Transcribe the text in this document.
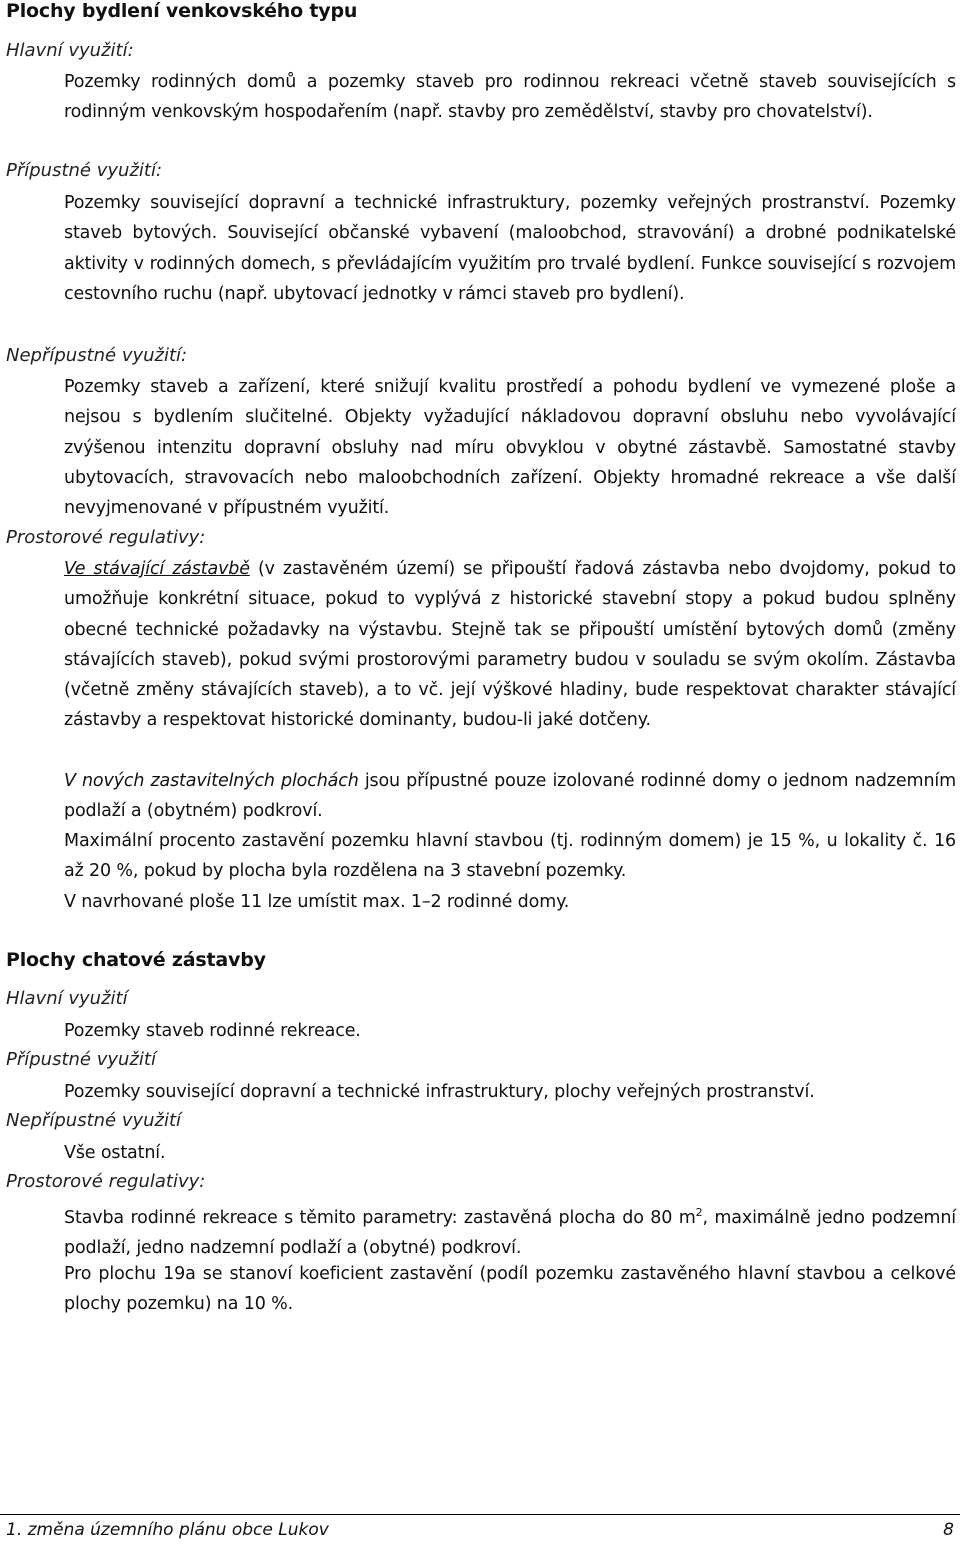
Plochy bydlení venkovského typu
Hlavní využití:
Pozemky rodinných domů a pozemky staveb pro rodinnou rekreaci včetně staveb souvisejících s rodinným venkovským hospodařením (např. stavby pro zemědělství, stavby pro chovatelství).
Přípustné využití:
Pozemky související dopravní a technické infrastruktury, pozemky veřejných prostranství. Pozemky staveb bytových. Související občanské vybavení (maloobchod, stravování) a drobné podnikatelské aktivity v rodinných domech, s převládajícím využitím pro trvalé bydlení. Funkce související s rozvojem cestovního ruchu (např. ubytovací jednotky v rámci staveb pro bydlení).
Nepřípustné využití:
Pozemky staveb a zařízení, které snižují kvalitu prostředí a pohodu bydlení ve vymezené ploše a nejsou s bydlením slučitelné. Objekty vyžadující nákladovou dopravní obsluhu nebo vyvolávající zvýšenou intenzitu dopravní obsluhy nad míru obvyklou v obytné zástavbě. Samostatné stavby ubytovacích, stravovacích nebo maloobchodních zařízení. Objekty hromadné rekreace a vše další nevyjmenované v přípustném využití.
Prostorové regulativy:
Ve stávající zástavbě (v zastavěném území) se připouští řadová zástavba nebo dvojdomy, pokud to umožňuje konkrétní situace, pokud to vyplývá z historické stavební stopy a pokud budou splněny obecné technické požadavky na výstavbu. Stejně tak se připouští umístění bytových domů (změny stávajících staveb), pokud svými prostorovými parametry budou v souladu se svým okolím. Zástavba (včetně změny stávajících staveb), a to vč. její výškové hladiny, bude respektovat charakter stávající zástavby a respektovat historické dominanty, budou-li jaké dotčeny.
V nových zastavitelných plochách jsou přípustné pouze izolované rodinné domy o jednom nadzemním podlaží a (obytném) podkroví.
Maximální procento zastavění pozemku hlavní stavbou (tj. rodinným domem) je 15 %, u lokality č. 16 až 20 %, pokud by plocha byla rozdělena na 3 stavební pozemky.
V navrhované ploše 11 lze umístit max. 1–2 rodinné domy.
Plochy chatové zástavby
Hlavní využití
Pozemky staveb rodinné rekreace.
Přípustné využití
Pozemky související dopravní a technické infrastruktury, plochy veřejných prostranství.
Nepřípustné využití
Vše ostatní.
Prostorové regulativy:
Stavba rodinné rekreace s těmito parametry: zastavěná plocha do 80 $m^2$, maximálně jedno podzemní podlaží, jedno nadzemní podlaží a (obytné) podkroví.
Pro plochu 19a se stanoví koeficient zastavění (podíl pozemku zastavěného hlavní stavbou a celkové plochy pozemku) na 10 %.
1. změna územního plánu obce Lukov	8
